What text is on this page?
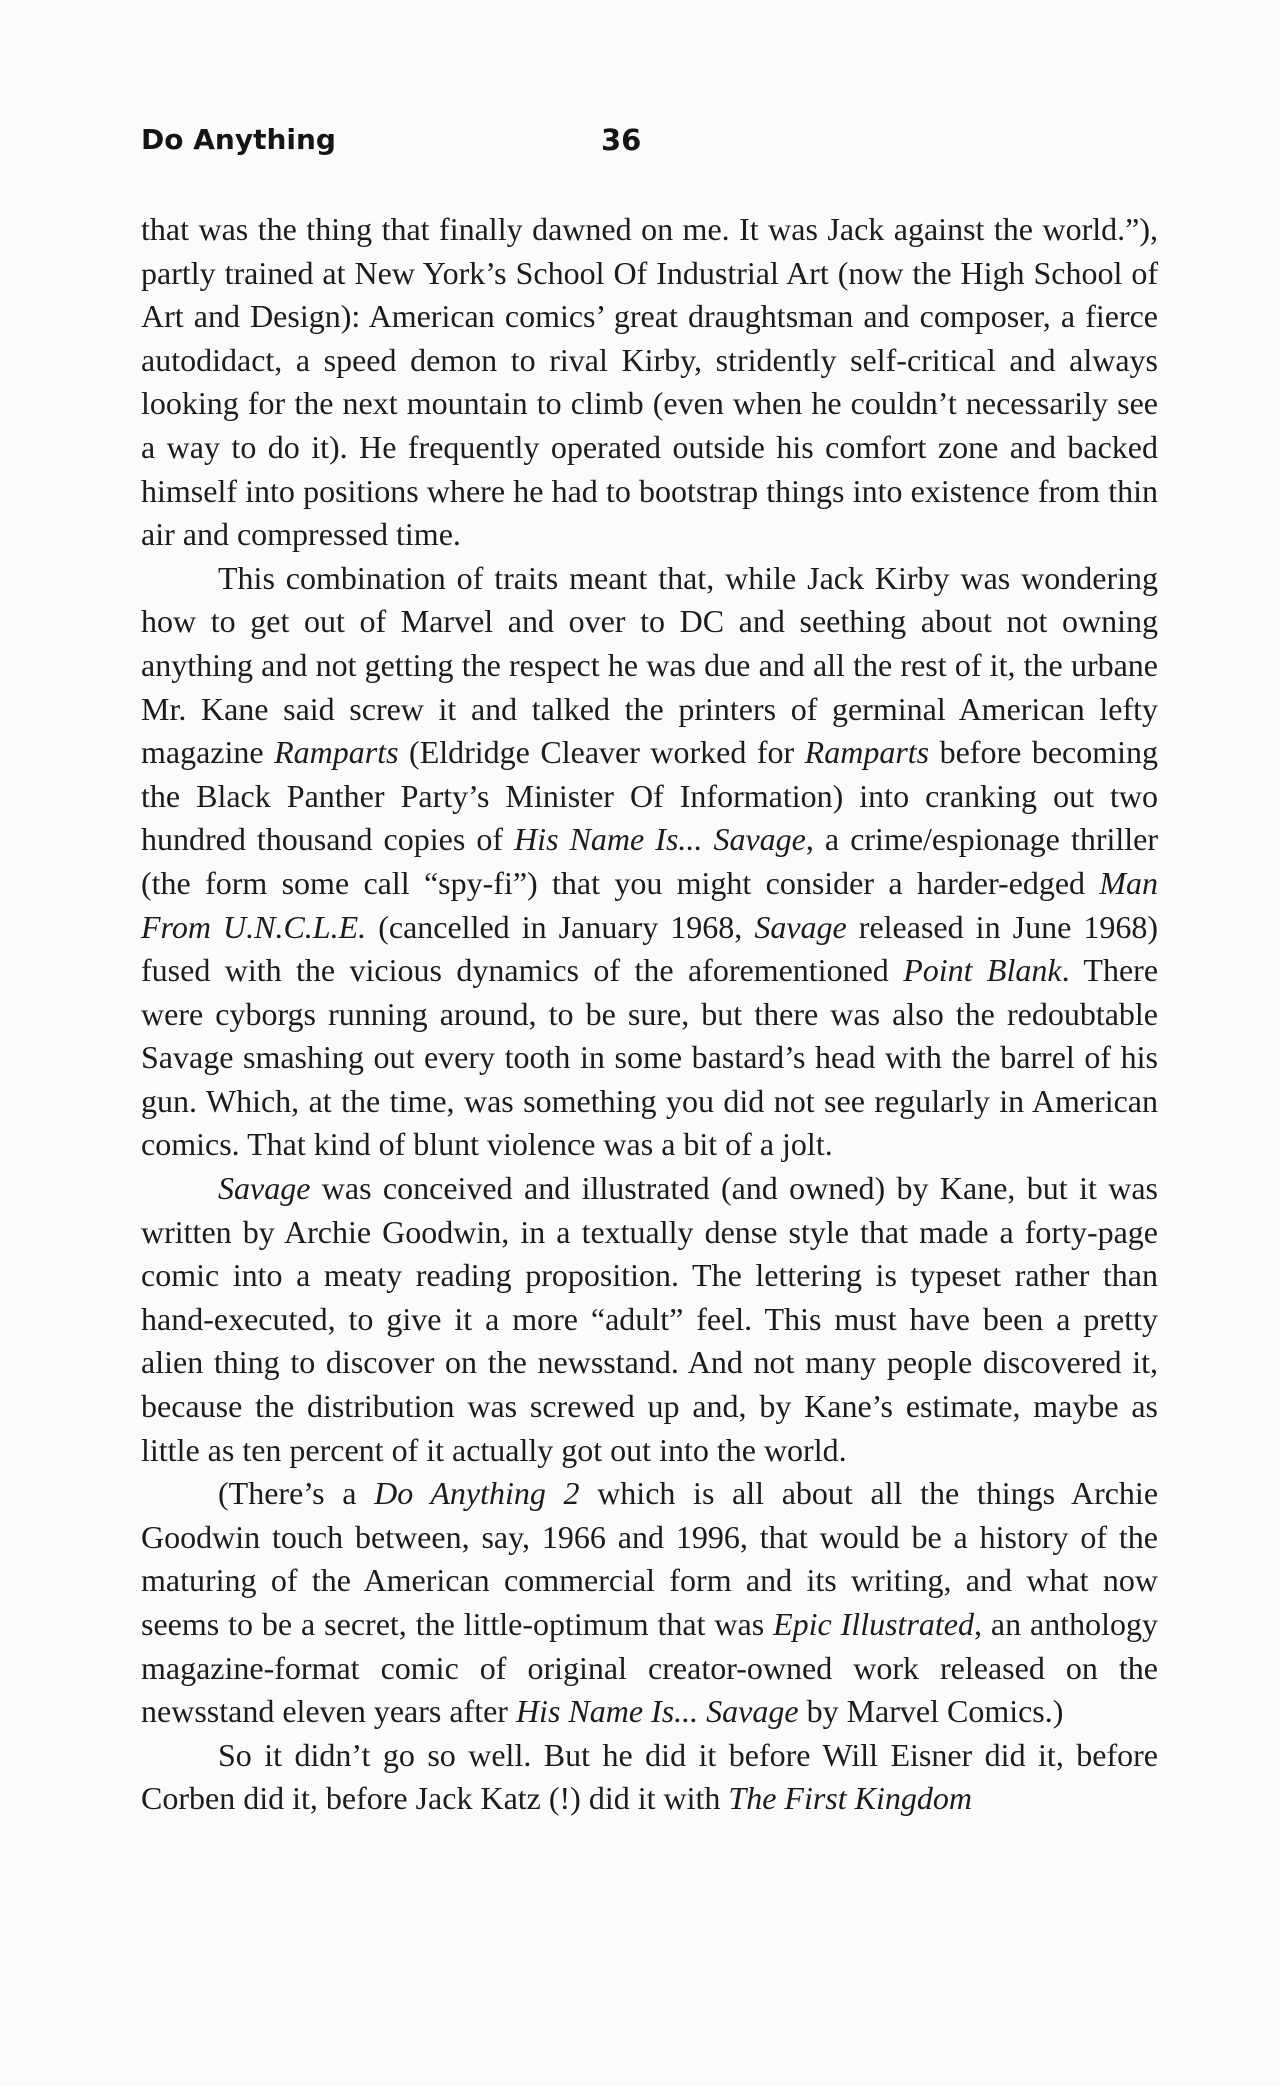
Do Anything	36

that was the thing that finally dawned on me. It was Jack against the world.”), partly trained at New York’s School Of Industrial Art (now the High School of Art and Design): American comics’ great draughtsman and composer, a fierce autodidact, a speed demon to rival Kirby, stridently self-critical and always looking for the next mountain to climb (even when he couldn’t necessarily see a way to do it). He frequently operated outside his comfort zone and backed himself into positions where he had to bootstrap things into existence from thin air and compressed time.

This combination of traits meant that, while Jack Kirby was wondering how to get out of Marvel and over to DC and seething about not owning anything and not getting the respect he was due and all the rest of it, the urbane Mr. Kane said screw it and talked the printers of germinal American lefty magazine Ramparts (Eldridge Cleaver worked for Ramparts before becoming the Black Panther Party’s Minister Of Information) into cranking out two hundred thousand copies of His Name Is... Savage, a crime/espionage thriller (the form some call “spy-fi”) that you might consider a harder-edged Man From U.N.C.L.E. (cancelled in January 1968, Savage released in June 1968) fused with the vicious dynamics of the aforementioned Point Blank. There were cyborgs running around, to be sure, but there was also the redoubtable Savage smashing out every tooth in some bastard’s head with the barrel of his gun. Which, at the time, was something you did not see regularly in American comics. That kind of blunt violence was a bit of a jolt.

Savage was conceived and illustrated (and owned) by Kane, but it was written by Archie Goodwin, in a textually dense style that made a forty-page comic into a meaty reading proposition. The lettering is typeset rather than hand-executed, to give it a more “adult” feel. This must have been a pretty alien thing to discover on the newsstand. And not many people discovered it, because the distribution was screwed up and, by Kane’s estimate, maybe as little as ten percent of it actually got out into the world.

(There’s a Do Anything 2 which is all about all the things Archie Goodwin touch between, say, 1966 and 1996, that would be a history of the maturing of the American commercial form and its writing, and what now seems to be a secret, the little-optimum that was Epic Illustrated, an anthology magazine-format comic of original creator-owned work released on the newsstand eleven years after His Name Is... Savage by Marvel Comics.)

So it didn’t go so well. But he did it before Will Eisner did it, before Corben did it, before Jack Katz (!) did it with The First Kingdom
